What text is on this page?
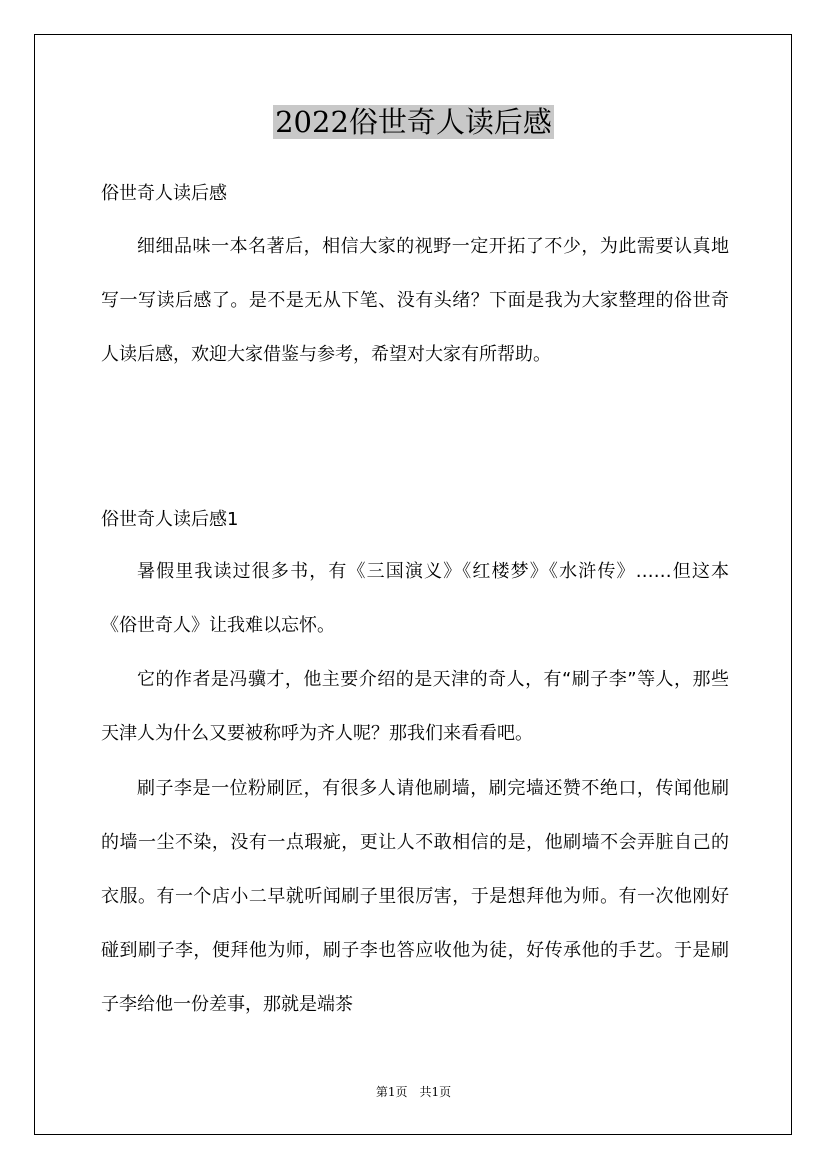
2022俗世奇人读后感
俗世奇人读后感

细细品味一本名著后，相信大家的视野一定开拓了不少，为此需要认真地写一写读后感了。是不是无从下笔、没有头绪？下面是我为大家整理的俗世奇人读后感，欢迎大家借鉴与参考，希望对大家有所帮助。

俗世奇人读后感1

暑假里我读过很多书，有《三国演义》《红楼梦》《水浒传》……但这本《俗世奇人》让我难以忘怀。

它的作者是冯骥才，他主要介绍的是天津的奇人，有“刷子李”等人，那些天津人为什么又要被称呼为齐人呢？那我们来看看吧。

刷子李是一位粉刷匠，有很多人请他刷墙，刷完墙还赞不绝口，传闻他刷的墙一尘不染，没有一点瑕疵，更让人不敢相信的是，他刷墙不会弄脏自己的衣服。有一个店小二早就听闻刷子里很厉害，于是想拜他为师。有一次他刚好碰到刷子李，便拜他为师，刷子李也答应收他为徒，好传承他的手艺。于是刷子李给他一份差事，那就是端茶

第1页　共1页
